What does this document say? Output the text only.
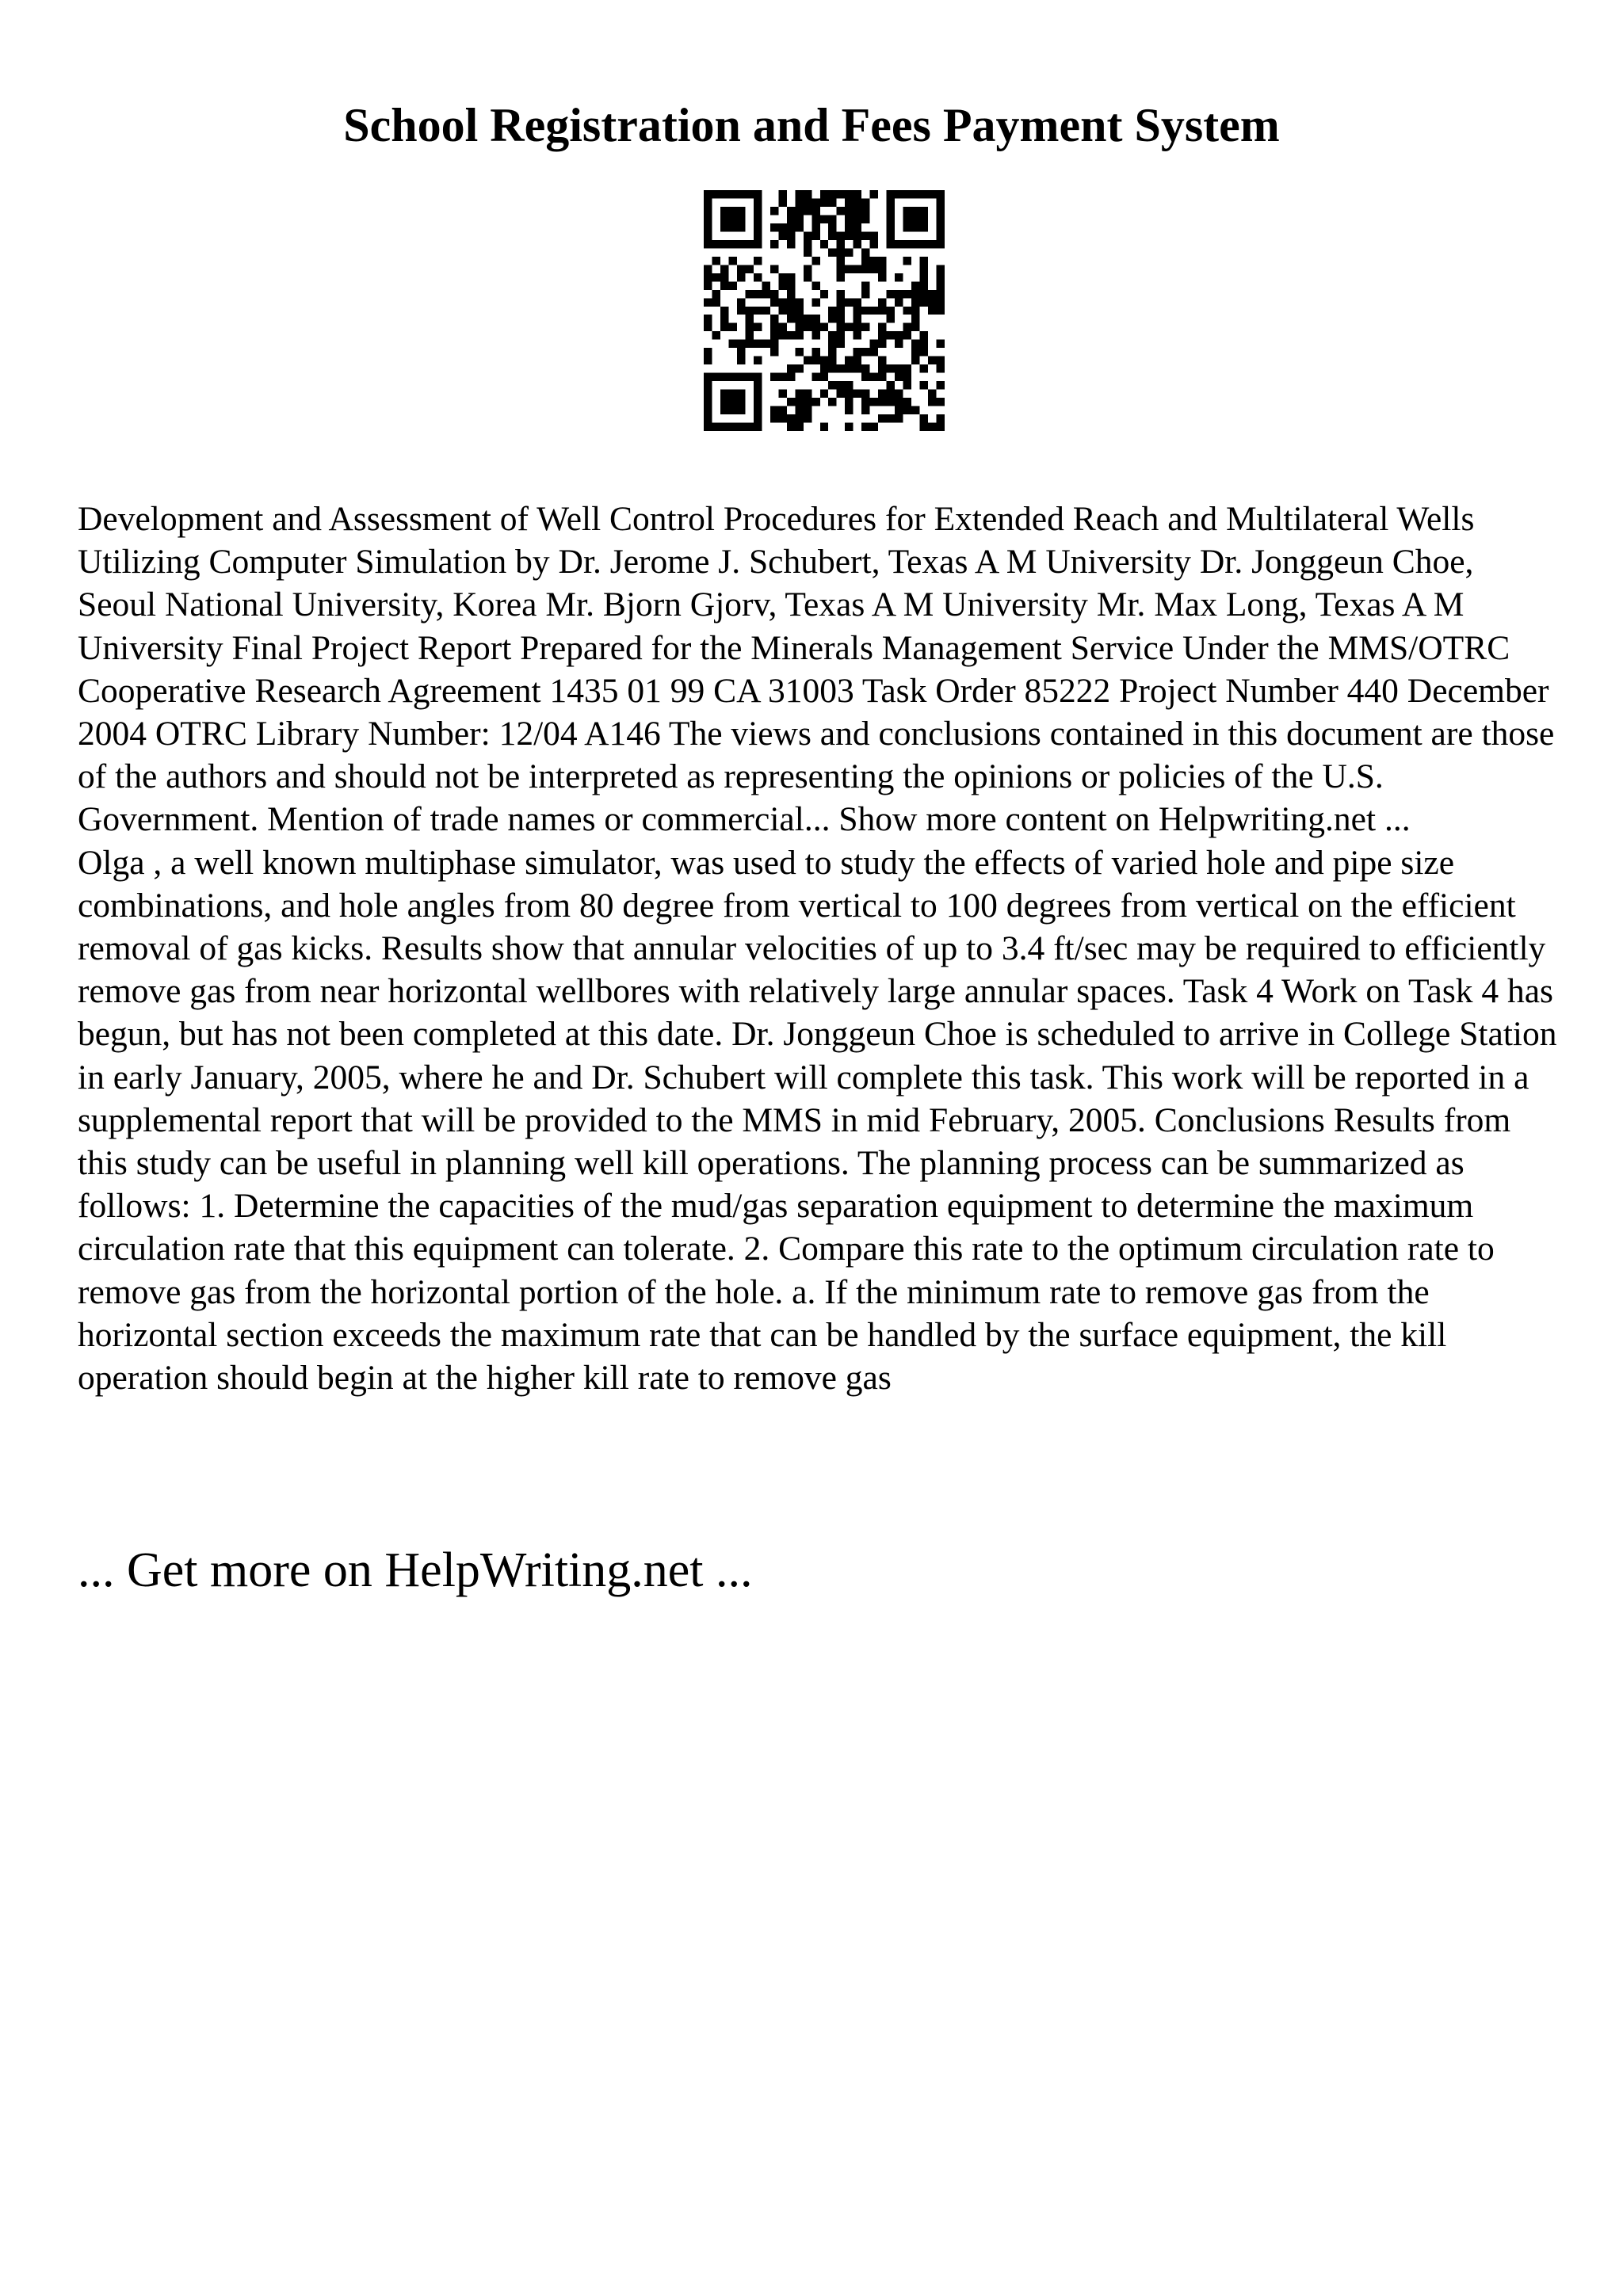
School Registration and Fees Payment System

Development and Assessment of Well Control Procedures for Extended Reach and Multilateral Wells Utilizing Computer Simulation by Dr. Jerome J. Schubert, Texas A M University Dr. Jonggeun Choe, Seoul National University, Korea Mr. Bjorn Gjorv, Texas A M University Mr. Max Long, Texas A M University Final Project Report Prepared for the Minerals Management Service Under the MMS/OTRC Cooperative Research Agreement 1435 01 99 CA 31003 Task Order 85222 Project Number 440 December 2004 OTRC Library Number: 12/04 A146 The views and conclusions contained in this document are those of the authors and should not be interpreted as representing the opinions or policies of the U.S. Government. Mention of trade names or commercial... Show more content on Helpwriting.net ...

Olga , a well known multiphase simulator, was used to study the effects of varied hole and pipe size combinations, and hole angles from 80 degree from vertical to 100 degrees from vertical on the efficient removal of gas kicks. Results show that annular velocities of up to 3.4 ft/sec may be required to efficiently remove gas from near horizontal wellbores with relatively large annular spaces. Task 4 Work on Task 4 has begun, but has not been completed at this date. Dr. Jonggeun Choe is scheduled to arrive in College Station in early January, 2005, where he and Dr. Schubert will complete this task. This work will be reported in a supplemental report that will be provided to the MMS in mid February, 2005. Conclusions Results from this study can be useful in planning well kill operations. The planning process can be summarized as follows: 1. Determine the capacities of the mud/gas separation equipment to determine the maximum circulation rate that this equipment can tolerate. 2. Compare this rate to the optimum circulation rate to remove gas from the horizontal portion of the hole. a. If the minimum rate to remove gas from the horizontal section exceeds the maximum rate that can be handled by the surface equipment, the kill operation should begin at the higher kill rate to remove gas

... Get more on HelpWriting.net ...
